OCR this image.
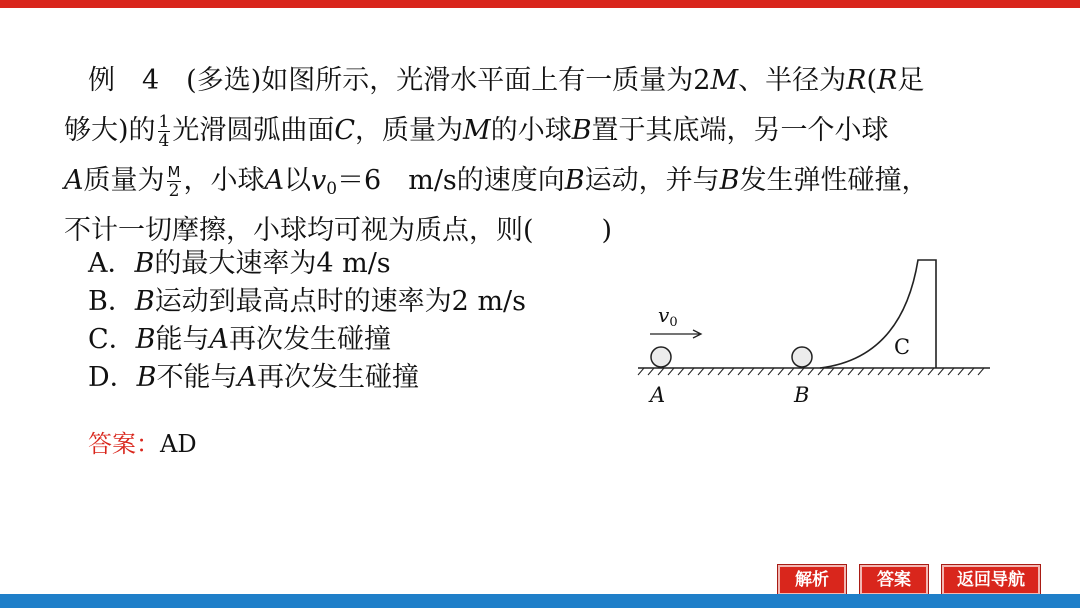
例　4　(多选)如图所示，光滑水平面上有一质量为2M、半径为R(R足
够大)的 $\frac{1}{4}$ 光滑圆弧曲面C，质量为M的小球B置于其底端，另一个小球
A质量为 $\frac{M}{2}$ ，小球A以$v_0=6$　m/s的速度向B运动，并与B发生弹性碰撞，
不计一切摩擦，小球均可视为质点，则(	)
A．B的最大速率为4 m/s
B．B运动到最高点时的速率为2 m/s
C．B能与A再次发生碰撞
D．B不能与A再次发生碰撞
答案：AD
$v_0$
A	B
C
解析	答案	返回导航
